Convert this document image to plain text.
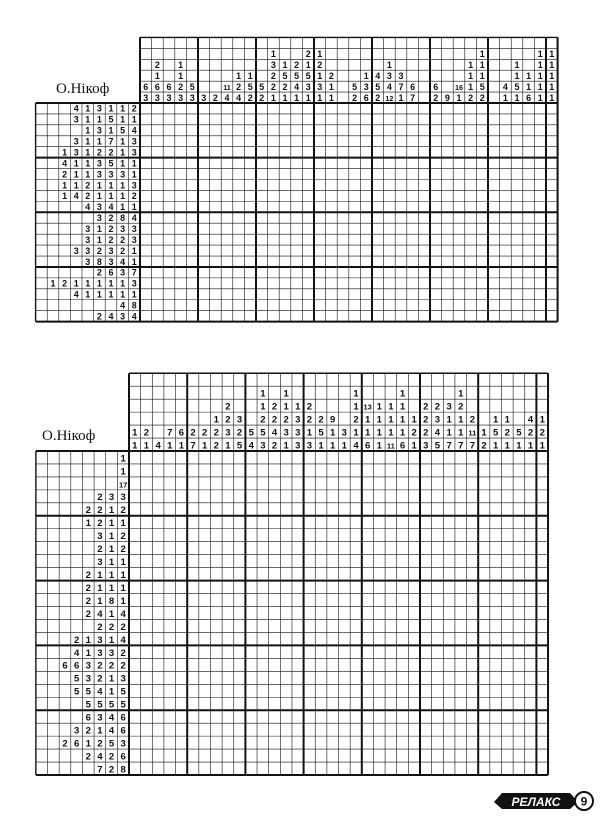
6
3
2
1
6
3
6
3
1
1
2
3
5
3 3 2
11
4
1
2
4
1
5
2
5
2
1
3
2
2
1
1
5
2
1
2
5
4
1
2
1
5
3
1
1
2
1
3
1
2
1
1
5
2
1
3
6
4
5
2
1
3
4
12
3
7
1
6
7
6
2 9
16
1
1
1
1
2
1
1
1
5
2
4
1
1
1
5
1
1
1
6
1
1
1
1
1
1
1
1
1
1
4 1 3 1 1 2
3 1 1 5 1 1
1 3 1 5 4
3 1 1 7 1 3
1 3 1 2 2 1 3
4 1 1 3 5 1 1
2 1 1 3 3 3 1
1 1 2 1 1 1 3
1 4 2 1 1 1 2
4 3 4 1 1
3 2 8 4
3 1 2 3 3
3 1 2 2 3
3 3 2 3 2 1
3 8 3 4 1
2 6 3 7
1 2 1 1 1 1 1 3
4 1 1 1 1 1
4 8
2 4 3 4
1
1
2
1 4
7
1
6
1
2
7
2
1
1
2
2
2
2
3
1
3
2
5
5
4
1
1
2
5
3
2
2
4
2
1
1
2
3
1
1
3
3
3
2
2
1
3
2
5
1
9
1
1
3
1
1
1
2
1
4
13
1
1
6
1
1
1
1
1
1
1
11
1
1
1
1
6
1
2
1
2
2
2
3
2
3
4
5
3
1
1
7
1
2
1
1
7
2
11
7
1
2
1
5
1
1
2
1
5
1
4
2
1
1
2
1
1
1
17
2 3 3
2 2 1 2
1 2 1 1
3 1 2
2 1 2
3 1 1
2 1 1 1
2 1 1 1
2 1 8 1
2 4 1 4
2 2 2
2 1 3 1 4
4 1 3 3 2
6 6 3 2 2 2
5 3 2 1 3
5 5 4 1 5
5 5 5 5
6 3 4 6
3 2 1 4 6
2 6 1 2 5 3
2 4 2 6
7 2 8
О.Нікоф
О.Нікоф
РЕЛАКС 9
